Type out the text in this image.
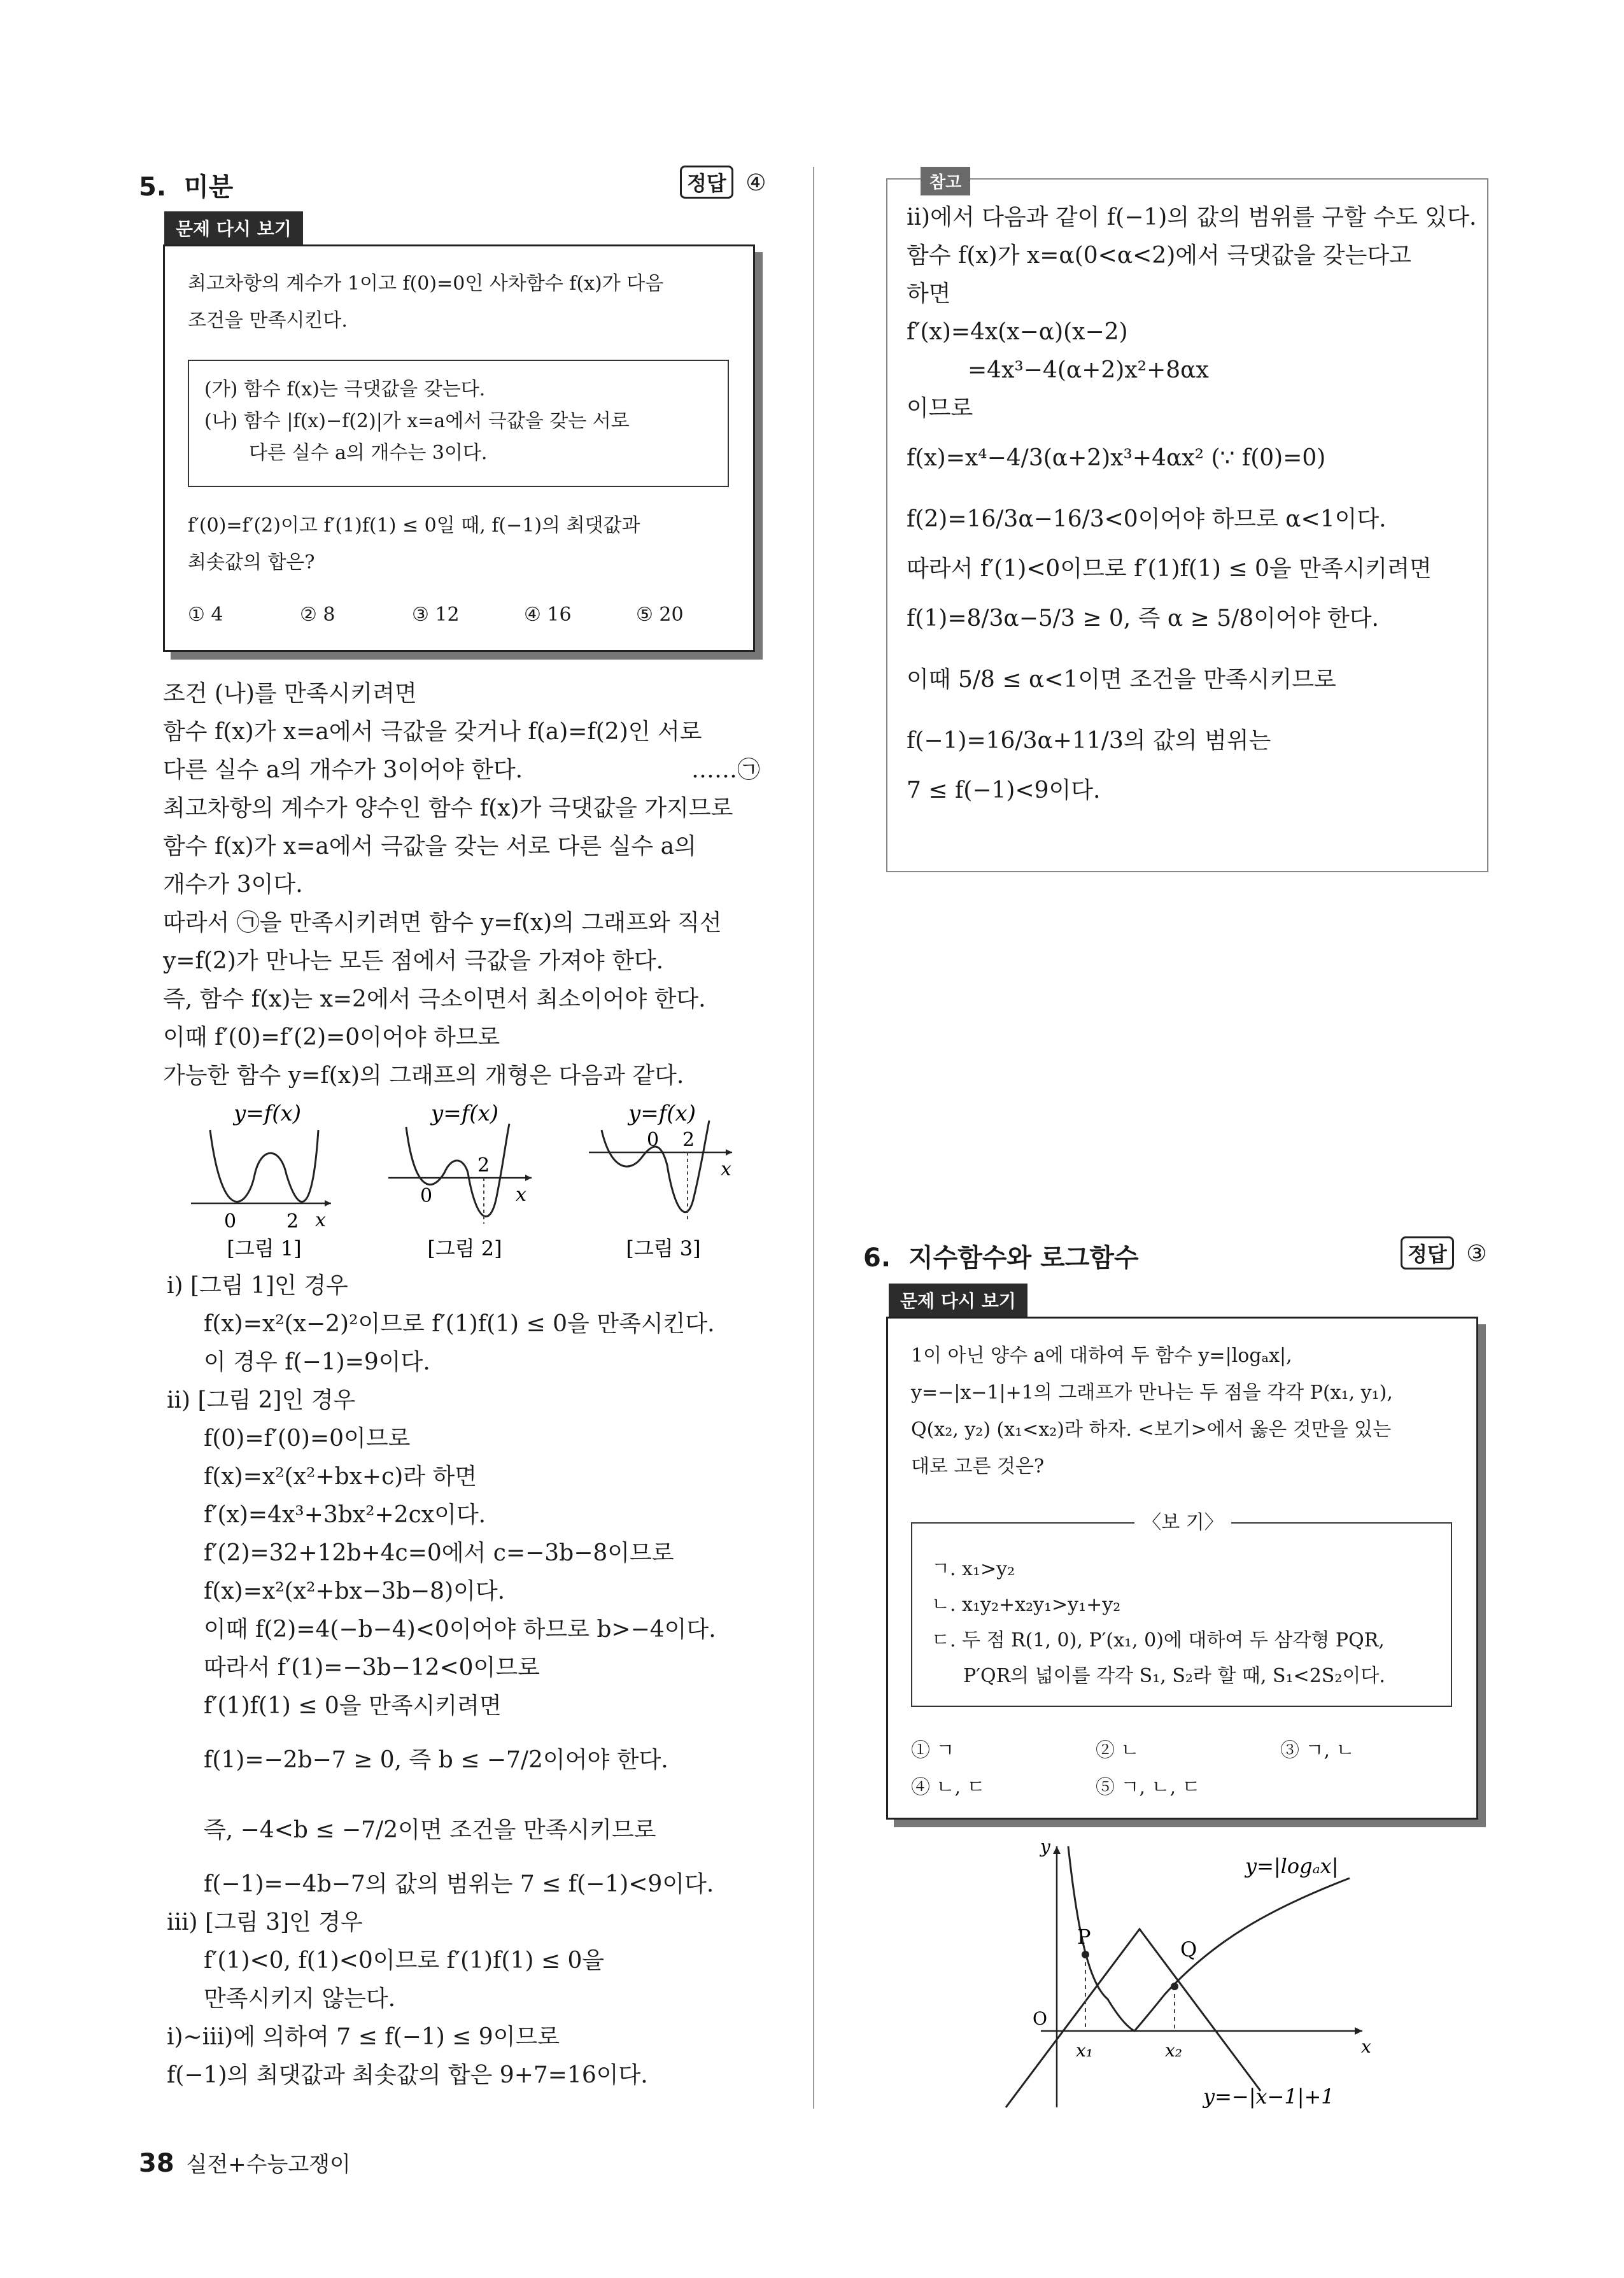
5. 미분	정답 ④
문제 다시 보기
최고차항의 계수가 1이고 f(0)=0인 사차함수 f(x)가 다음
조건을 만족시킨다.
(가) 함수 f(x)는 극댓값을 갖는다.
(나) 함수 |f(x)−f(2)|가 x=a에서 극값을 갖는 서로
다른 실수 a의 개수는 3이다.
f′(0)=f′(2)이고 f′(1)f(1) ≤ 0일 때, f(−1)의 최댓값과
최솟값의 합은?
① 4	② 8	③ 12	④ 16	⑤ 20
조건 (나)를 만족시키려면
함수 f(x)가 x=a에서 극값을 갖거나 f(a)=f(2)인 서로
다른 실수 a의 개수가 3이어야 한다.	……㉠
최고차항의 계수가 양수인 함수 f(x)가 극댓값을 가지므로
함수 f(x)가 x=a에서 극값을 갖는 서로 다른 실수 a의
개수가 3이다.
따라서 ㉠을 만족시키려면 함수 y=f(x)의 그래프와 직선
y=f(2)가 만나는 모든 점에서 극값을 가져야 한다.
즉, 함수 f(x)는 x=2에서 극소이면서 최소이어야 한다.
이때 f′(0)=f′(2)=0이어야 하므로
가능한 함수 y=f(x)의 그래프의 개형은 다음과 같다.
y=f(x)
0	2 x
[그림 1]
y=f(x)
0
2
x
[그림 2]
y=f(x)
0 2
x
[그림 3]
ⅰ) [그림 1]인 경우
f(x)=x²(x−2)²이므로 f′(1)f(1) ≤ 0을 만족시킨다.
이 경우 f(−1)=9이다.
ⅱ) [그림 2]인 경우
f(0)=f′(0)=0이므로
f(x)=x²(x²+bx+c)라 하면
f′(x)=4x³+3bx²+2cx이다.
f′(2)=32+12b+4c=0에서 c=−3b−8이므로
f(x)=x²(x²+bx−3b−8)이다.
이때 f(2)=4(−b−4)<0이어야 하므로 b>−4이다.
따라서 f′(1)=−3b−12<0이므로
f′(1)f(1) ≤ 0을 만족시키려면
f(1)=−2b−7 ≥ 0, 즉 b ≤ −7/2이어야 한다.
즉, −4<b ≤ −7/2이면 조건을 만족시키므로
f(−1)=−4b−7의 값의 범위는 7 ≤ f(−1)<9이다.
ⅲ) [그림 3]인 경우
f′(1)<0, f(1)<0이므로 f′(1)f(1) ≤ 0을
만족시키지 않는다.
ⅰ)~ⅲ)에 의하여 7 ≤ f(−1) ≤ 9이므로
f(−1)의 최댓값과 최솟값의 합은 9+7=16이다.
ⅱ)에서 다음과 같이 f(−1)의 값의 범위를 구할 수도 있다.
함수 f(x)가 x=α(0<α<2)에서 극댓값을 갖는다고
하면
f′(x)=4x(x−α)(x−2)
=4x³−4(α+2)x²+8αx
이므로
f(x)=x⁴−4/3(α+2)x³+4αx² (∵ f(0)=0)
f(2)=16/3α−16/3<0이어야 하므로 α<1이다.
따라서 f′(1)<0이므로 f′(1)f(1) ≤ 0을 만족시키려면
f(1)=8/3α−5/3 ≥ 0, 즉 α ≥ 5/8이어야 한다.
이때 5/8 ≤ α<1이면 조건을 만족시키므로
f(−1)=16/3α+11/3의 값의 범위는
7 ≤ f(−1)<9이다.
참고
6. 지수함수와 로그함수	정답 ③
문제 다시 보기
1이 아닌 양수 a에 대하여 두 함수 y=|logₐx|,
y=−|x−1|+1의 그래프가 만나는 두 점을 각각 P(x₁, y₁),
Q(x₂, y₂) (x₁<x₂)라 하자. <보기>에서 옳은 것만을 있는
대로 고른 것은?
〈보 기〉
ㄱ. x₁>y₂
ㄴ. x₁y₂+x₂y₁>y₁+y₂
ㄷ. 두 점 R(1, 0), P′(x₁, 0)에 대하여 두 삼각형 PQR,
P′QR의 넓이를 각각 S₁, S₂라 할 때, S₁<2S₂이다.
① ㄱ	② ㄴ	③ ㄱ, ㄴ
④ ㄴ, ㄷ	⑤ ㄱ, ㄴ, ㄷ
y
x
O
P
Q
x₁	x₂
y=|logₐx|
y=−|x−1|+1
38 실전+수능고쟁이
